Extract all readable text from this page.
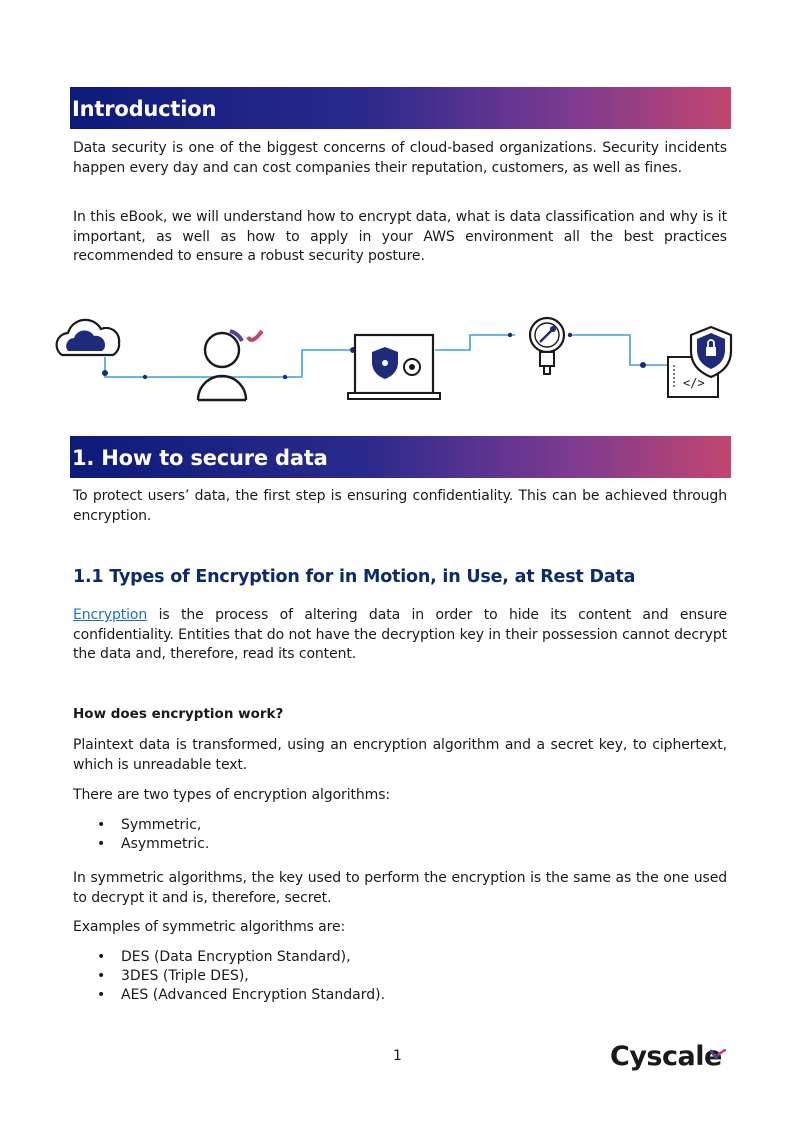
Introduction

Data security is one of the biggest concerns of cloud-based organizations. Security incidents happen every day and can cost companies their reputation, customers, as well as fines.

In this eBook, we will understand how to encrypt data, what is data classification and why is it important, as well as how to apply in your AWS environment all the best practices recommended to ensure a robust security posture.

</>
1. How to secure data

To protect users’ data, the first step is ensuring confidentiality. This can be achieved through encryption.

1.1 Types of Encryption for in Motion, in Use, at Rest Data

Encryption is the process of altering data in order to hide its content and ensure confidentiality. Entities that do not have the decryption key in their possession cannot decrypt the data and, therefore, read its content.

How does encryption work?

Plaintext data is transformed, using an encryption algorithm and a secret key, to ciphertext, which is unreadable text.

There are two types of encryption algorithms:

• Symmetric,
• Asymmetric.

In symmetric algorithms, the key used to perform the encryption is the same as the one used to decrypt it and is, therefore, secret.

Examples of symmetric algorithms are:

• DES (Data Encryption Standard),
• 3DES (Triple DES),
• AES (Advanced Encryption Standard).
1	Cyscale
